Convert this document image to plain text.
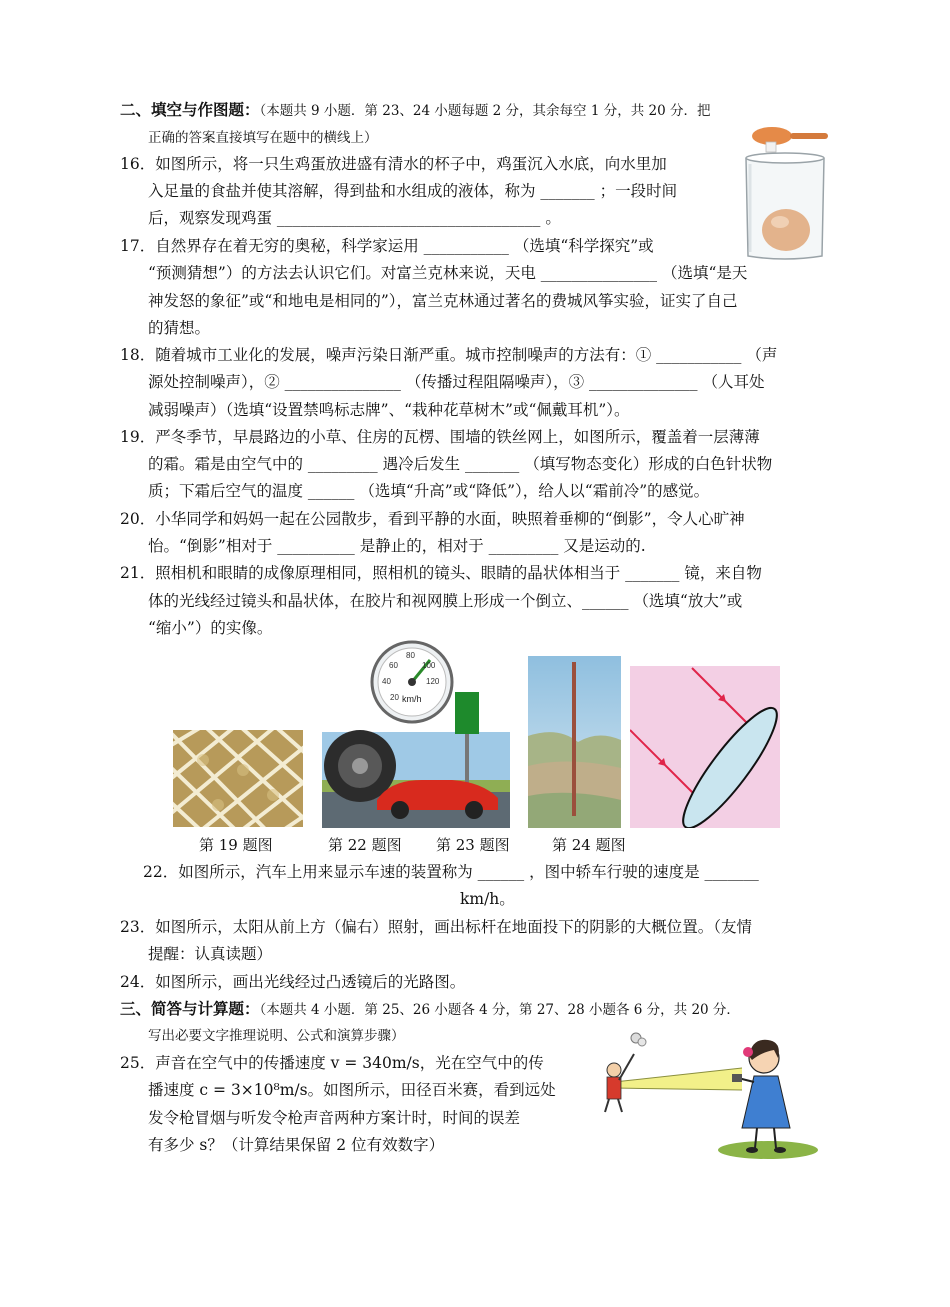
二、填空与作图题：（本题共 9 小题．第 23、24 小题每题 2 分，其余每空 1 分，共 20 分．把
正确的答案直接填写在题中的横线上）
16．如图所示，将一只生鸡蛋放进盛有清水的杯子中，鸡蛋沉入水底，向水里加
入足量的食盐并使其溶解，得到盐和水组成的液体，称为 _______ ；一段时间
后，观察发现鸡蛋 __________________________________ 。
17．自然界存在着无穷的奥秘，科学家运用 ___________ （选填“科学探究”或
“预测猜想”）的方法去认识它们。对富兰克林来说，天电 _______________ （选填“是天
神发怒的象征”或“和地电是相同的”），富兰克林通过著名的费城风筝实验，证实了自己
的猜想。
18．随着城市工业化的发展，噪声污染日渐严重。城市控制噪声的方法有：① ___________ （声
源处控制噪声），② _______________ （传播过程阻隔噪声），③ ______________ （人耳处
减弱噪声）（选填“设置禁鸣标志牌”、“栽种花草树木”或“佩戴耳机”）。
19．严冬季节，早晨路边的小草、住房的瓦楞、围墙的铁丝网上，如图所示，覆盖着一层薄薄
的霜。霜是由空气中的 _________ 遇冷后发生 _______ （填写物态变化）形成的白色针状物
质；下霜后空气的温度 ______ （选填“升高”或“降低”），给人以“霜前冷”的感觉。
20．小华同学和妈妈一起在公园散步，看到平静的水面，映照着垂柳的“倒影”，令人心旷神
怡。“倒影”相对于 __________ 是静止的，相对于 _________ 又是运动的.
21．照相机和眼睛的成像原理相同，照相机的镜头、眼睛的晶状体相当于 _______ 镜，来自物
体的光线经过镜头和晶状体，在胶片和视网膜上形成一个倒立、______ （选填“放大”或
“缩小”）的实像。
20
40
60
80
100
120
km/h
第 19 题图	第 22 题图 第 23 题图	第 24 题图
22．如图所示，汽车上用来显示车速的装置称为 ______ ，图中轿车行驶的速度是 _______
km/h。
23．如图所示，太阳从前上方（偏右）照射，画出标杆在地面投下的阴影的大概位置。（友情
提醒：认真读题）
24．如图所示，画出光线经过凸透镜后的光路图。
三、简答与计算题：（本题共 4 小题．第 25、26 小题各 4 分，第 27、28 小题各 6 分，共 20 分．
写出必要文字推理说明、公式和演算步骤）
25．声音在空气中的传播速度 v = 340m/s，光在空气中的传
播速度 c = 3×10⁸m/s。如图所示，田径百米赛，看到远处
发令枪冒烟与听发令枪声音两种方案计时，时间的误差
有多少 s？（计算结果保留 2 位有效数字）
